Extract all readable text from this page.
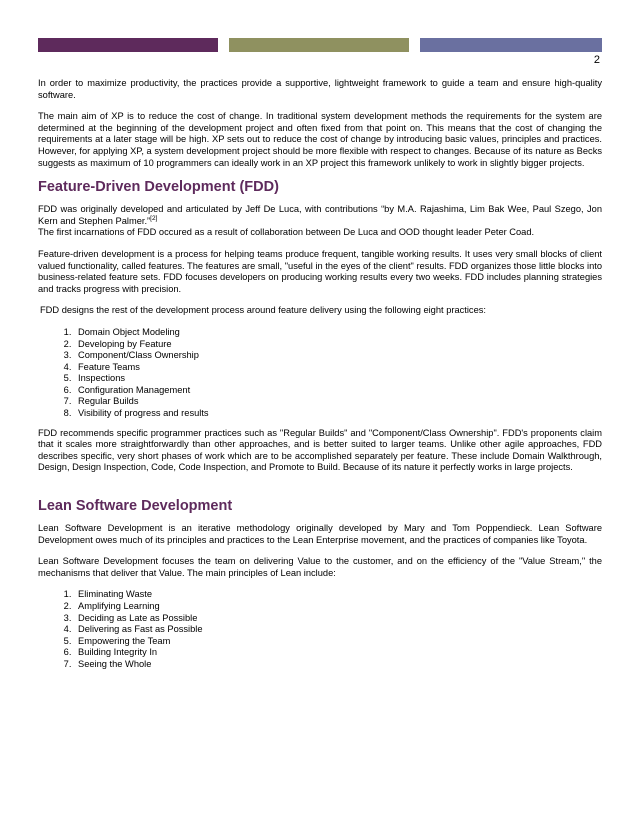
2

In order to maximize productivity, the practices provide a supportive, lightweight framework to guide a team and ensure high-quality software.

The main aim of XP is to reduce the cost of change. In traditional system development methods the requirements for the system are determined at the beginning of the development project and often fixed from that point on. This means that the cost of changing the requirements at a later stage will be high. XP sets out to reduce the cost of change by introducing basic values, principles and practices. However, for applying XP, a system development project should be more flexible with respect to changes. Because of its nature as Becks suggests as maximum of 10 programmers can ideally work in an XP project this framework unlikely to work in slightly bigger projects.

Feature-Driven Development (FDD)

FDD was originally developed and articulated by Jeff De Luca, with contributions “by M.A. Rajashima, Lim Bak Wee, Paul Szego, Jon Kern and Stephen Palmer.”[2]
The first incarnations of FDD occured as a result of collaboration between De Luca and OOD thought leader Peter Coad.

Feature-driven development is a process for helping teams produce frequent, tangible working results. It uses very small blocks of client valued functionality, called features. The features are small, "useful in the eyes of the client" results. FDD organizes those little blocks into business-related feature sets. FDD focuses developers on producing working results every two weeks. FDD includes planning strategies and tracks progress with precision.

FDD designs the rest of the development process around feature delivery using the following eight practices:

1. Domain Object Modeling
2. Developing by Feature
3. Component/Class Ownership
4. Feature Teams
5. Inspections
6. Configuration Management
7. Regular Builds
8. Visibility of progress and results

FDD recommends specific programmer practices such as "Regular Builds" and "Component/Class Ownership". FDD's proponents claim that it scales more straightforwardly than other approaches, and is better suited to larger teams. Unlike other agile approaches, FDD describes specific, very short phases of work which are to be accomplished separately per feature. These include Domain Walkthrough, Design, Design Inspection, Code, Code Inspection, and Promote to Build. Because of its nature it perfectly works in large projects.

Lean Software Development

Lean Software Development is an iterative methodology originally developed by Mary and Tom Poppendieck. Lean Software Development owes much of its principles and practices to the Lean Enterprise movement, and the practices of companies like Toyota.

Lean Software Development focuses the team on delivering Value to the customer, and on the efficiency of the "Value Stream," the mechanisms that deliver that Value. The main principles of Lean include:

1. Eliminating Waste
2. Amplifying Learning
3. Deciding as Late as Possible
4. Delivering as Fast as Possible
5. Empowering the Team
6. Building Integrity In
7. Seeing the Whole
